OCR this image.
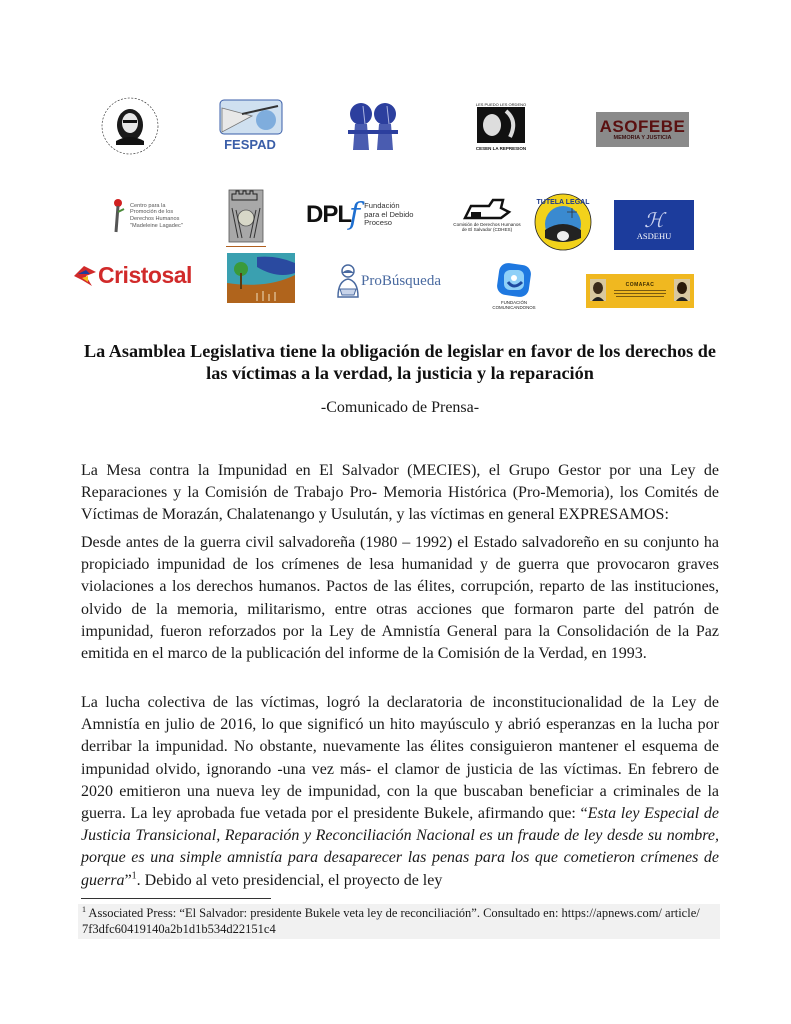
FESPAD
LES PUEDO LES ORDENO
CESEN LA REPRESION
ASOFEBE
MEMORIA Y JUSTICIA
Centro para la
Promoción de los
Derechos Humanos
"Madeleine Lagadec"	DPL
f Fundación
para el Debido
Proceso	Comisión de Derechos Humanos
de El Salvador (CDHES)
TUTELA LEGAL
ℋ
ASDEHU
Cristosal	ProBúsqueda
FUNDACIÓN
COMUNICANDONOS
COMAFAC
La Asamblea Legislativa tiene la obligación de legislar en favor de los derechos de
las víctimas a la verdad, la justicia y la reparación
-Comunicado de Prensa-
La Mesa contra la Impunidad en El Salvador (MECIES), el Grupo Gestor por una Ley de Reparaciones y la Comisión de Trabajo Pro- Memoria Histórica (Pro-Memoria), los Comités de Víctimas de Morazán, Chalatenango y Usulután, y las víctimas en general EXPRESAMOS:
Desde antes de la guerra civil salvadoreña (1980 – 1992) el Estado salvadoreño en su conjunto ha propiciado impunidad de los crímenes de lesa humanidad y de guerra que provocaron graves violaciones a los derechos humanos. Pactos de las élites, corrupción, reparto de las instituciones, olvido de la memoria, militarismo, entre otras acciones que formaron parte del patrón de impunidad, fueron reforzados por la Ley de Amnistía General para la Consolidación de la Paz emitida en el marco de la publicación del informe de la Comisión de la Verdad, en 1993.
La lucha colectiva de las víctimas, logró la declaratoria de inconstitucionalidad de la Ley de Amnistía en julio de 2016, lo que significó un hito mayúsculo y abrió esperanzas en la lucha por derribar la impunidad. No obstante, nuevamente las élites consiguieron mantener el esquema de impunidad olvido, ignorando -una vez más- el clamor de justicia de las víctimas. En febrero de 2020 emitieron una nueva ley de impunidad, con la que buscaban beneficiar a criminales de la guerra. La ley aprobada fue vetada por el presidente Bukele, afirmando que: “Esta ley Especial de Justicia Transicional, Reparación y Reconciliación Nacional es un fraude de ley desde su nombre, porque es una simple amnistía para desaparecer las penas para los que cometieron crímenes de guerra”$^1$. Debido al veto presidencial, el proyecto de ley
$^1$ Associated Press: “El Salvador: presidente Bukele veta ley de reconciliación”. Consultado en: https://apnews.com/ article/ 7f3dfc60419140a2b1d1b534d22151c4
